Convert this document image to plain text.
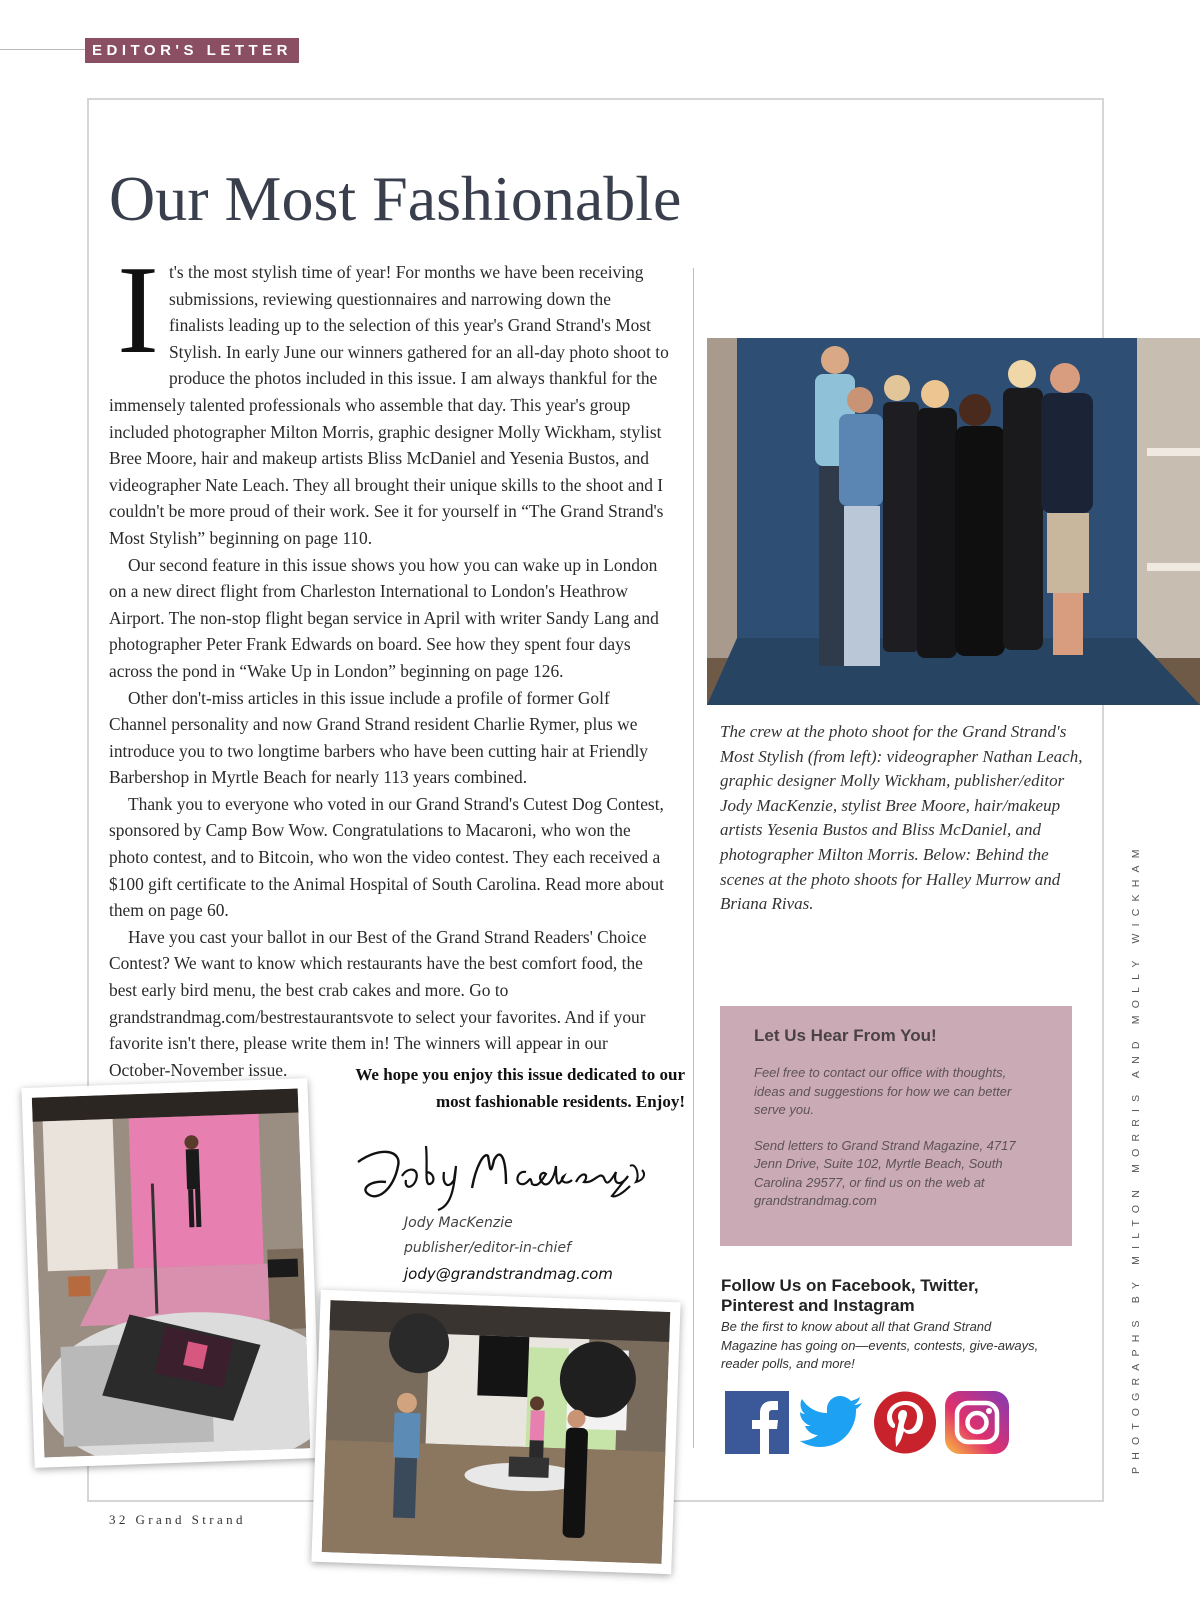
EDITOR'S LETTER
Our Most Fashionable

It's the most stylish time of year! For months we have been receiving submissions, reviewing questionnaires and narrowing down the finalists leading up to the selection of this year's Grand Strand's Most Stylish. In early June our winners gathered for an all-day photo shoot to produce the photos included in this issue. I am always thankful for the immensely talented professionals who assemble that day. This year's group included photographer Milton Morris, graphic designer Molly Wickham, stylist Bree Moore, hair and makeup artists Bliss McDaniel and Yesenia Bustos, and videographer Nate Leach. They all brought their unique skills to the shoot and I couldn't be more proud of their work. See it for yourself in “The Grand Strand's Most Stylish” beginning on page 110.

Our second feature in this issue shows you how you can wake up in London on a new direct flight from Charleston International to London's Heathrow Airport. The non-stop flight began service in April with writer Sandy Lang and photographer Peter Frank Edwards on board. See how they spent four days across the pond in “Wake Up in London” beginning on page 126.

Other don't-miss articles in this issue include a profile of former Golf Channel personality and now Grand Strand resident Charlie Rymer, plus we introduce you to two longtime barbers who have been cutting hair at Friendly Barbershop in Myrtle Beach for nearly 113 years combined.

Thank you to everyone who voted in our Grand Strand's Cutest Dog Contest, sponsored by Camp Bow Wow. Congratulations to Macaroni, who won the photo contest, and to Bitcoin, who won the video contest. They each received a $100 gift certificate to the Animal Hospital of South Carolina. Read more about them on page 60.

Have you cast your ballot in our Best of the Grand Strand Readers' Choice Contest? We want to know which restaurants have the best comfort food, the best early bird menu, the best crab cakes and more. Go to grandstrandmag.com/bestrestaurantsvote to select your favorites. And if your favorite isn't there, please write them in! The winners will appear in our October-November issue.	We hope you enjoy this issue dedicated to our most fashionable residents. Enjoy!
Jody MacKenzie
publisher/editor-in-chief
jody@grandstrandmag.com
The crew at the photo shoot for the Grand Strand's Most Stylish (from left): videographer Nathan Leach, graphic designer Molly Wickham, publisher/editor Jody MacKenzie, stylist Bree Moore, hair/makeup artists Yesenia Bustos and Bliss McDaniel, and photographer Milton Morris. Below: Behind the scenes at the photo shoots for Halley Murrow and Briana Rivas.
Let Us Hear From You!
Feel free to contact our office with thoughts, ideas and suggestions for how we can better serve you.
Send letters to Grand Strand Magazine, 4717 Jenn Drive, Suite 102, Myrtle Beach, South Carolina 29577, or find us on the web at grandstrandmag.com
Follow Us on Facebook, Twitter, Pinterest and Instagram
Be the first to know about all that Grand Strand Magazine has going on—events, contests, give-aways, reader polls, and more!	PHOTOGRAPHS BY MILTON MORRIS AND MOLLY WICKHAM
32 Grand Strand
